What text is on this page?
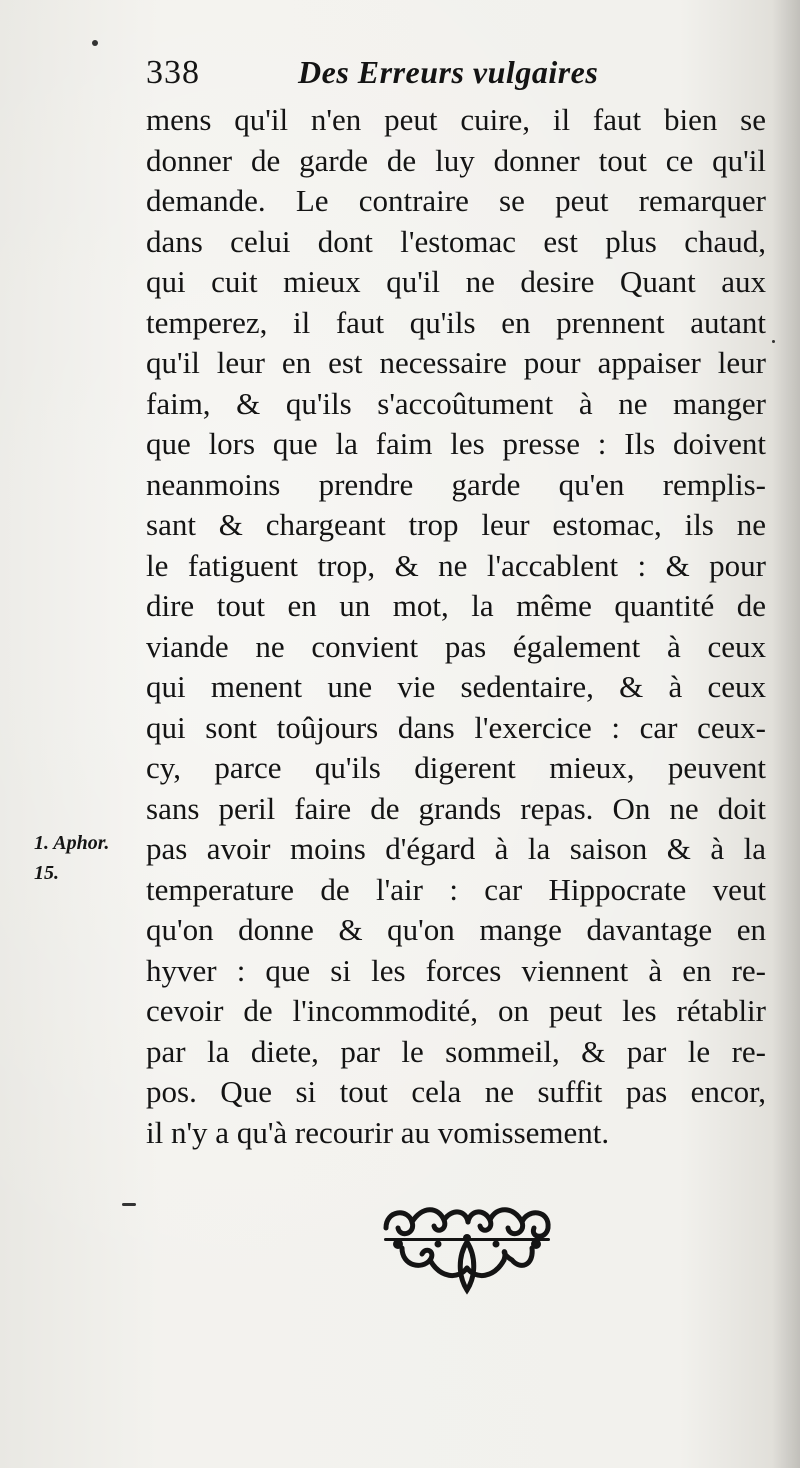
338	Des Erreurs vulgaires
mens qu'il n'en peut cuire, il faut bien se
donner de garde de luy donner tout ce qu'il
demande. Le contraire se peut remarquer
dans celui dont l'estomac est plus chaud,
qui cuit mieux qu'il ne desire Quant aux
temperez, il faut qu'ils en prennent autant
qu'il leur en est necessaire pour appaiser leur
faim, & qu'ils s'accoûtument à ne manger
que lors que la faim les presse : Ils doivent
neanmoins prendre garde qu'en remplis-
sant & chargeant trop leur estomac, ils ne
le fatiguent trop, & ne l'accablent : & pour
dire tout en un mot, la même quantité de
viande ne convient pas également à ceux
qui menent une vie sedentaire, & à ceux
qui sont toûjours dans l'exercice : car ceux-
cy, parce qu'ils digerent mieux, peuvent
sans peril faire de grands repas. On ne doit
pas avoir moins d'égard à la saison & à la
temperature de l'air : car Hippocrate veut
qu'on donne & qu'on mange davantage en
hyver : que si les forces viennent à en re-
cevoir de l'incommodité, on peut les rétablir
par la diete, par le sommeil, & par le re-
pos. Que si tout cela ne suffit pas encor,
il n'y a qu'à recourir au vomissement.
1. Aphor.
15.
